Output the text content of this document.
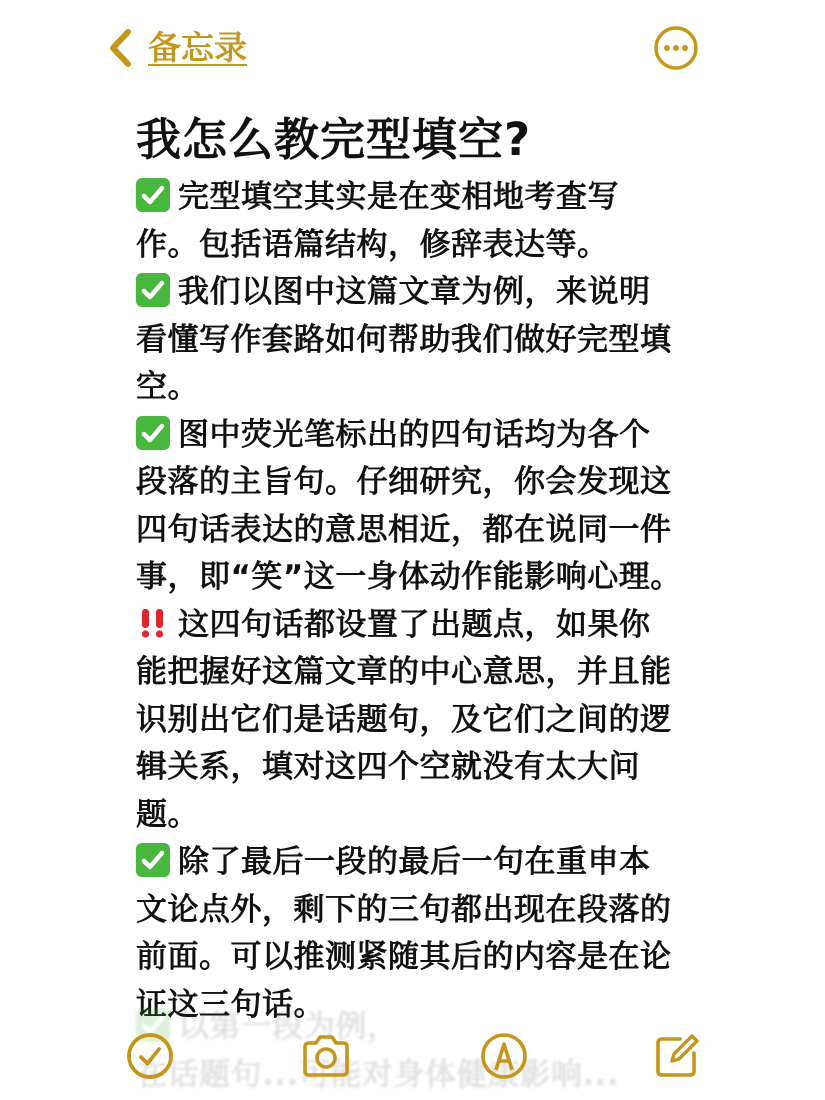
备忘录
我怎么教完型填空?

完型填空其实是在变相地考查写

作。包括语篇结构，修辞表达等。

我们以图中这篇文章为例，来说明

看懂写作套路如何帮助我们做好完型填

空。

图中荧光笔标出的四句话均为各个

段落的主旨句。仔细研究，你会发现这

四句话表达的意思相近，都在说同一件

事，即“笑”这一身体动作能影响心理。

这四句话都设置了出题点，如果你

能把握好这篇文章的中心意思，并且能

识别出它们是话题句，及它们之间的逻

辑关系，填对这四个空就没有太大问

题。

除了最后一段的最后一句在重申本

文论点外，剩下的三句都出现在段落的

前面。可以推测紧随其后的内容是在论

证这三句话。

以第一段为例，

在话题句...可能对身体健康影响...
